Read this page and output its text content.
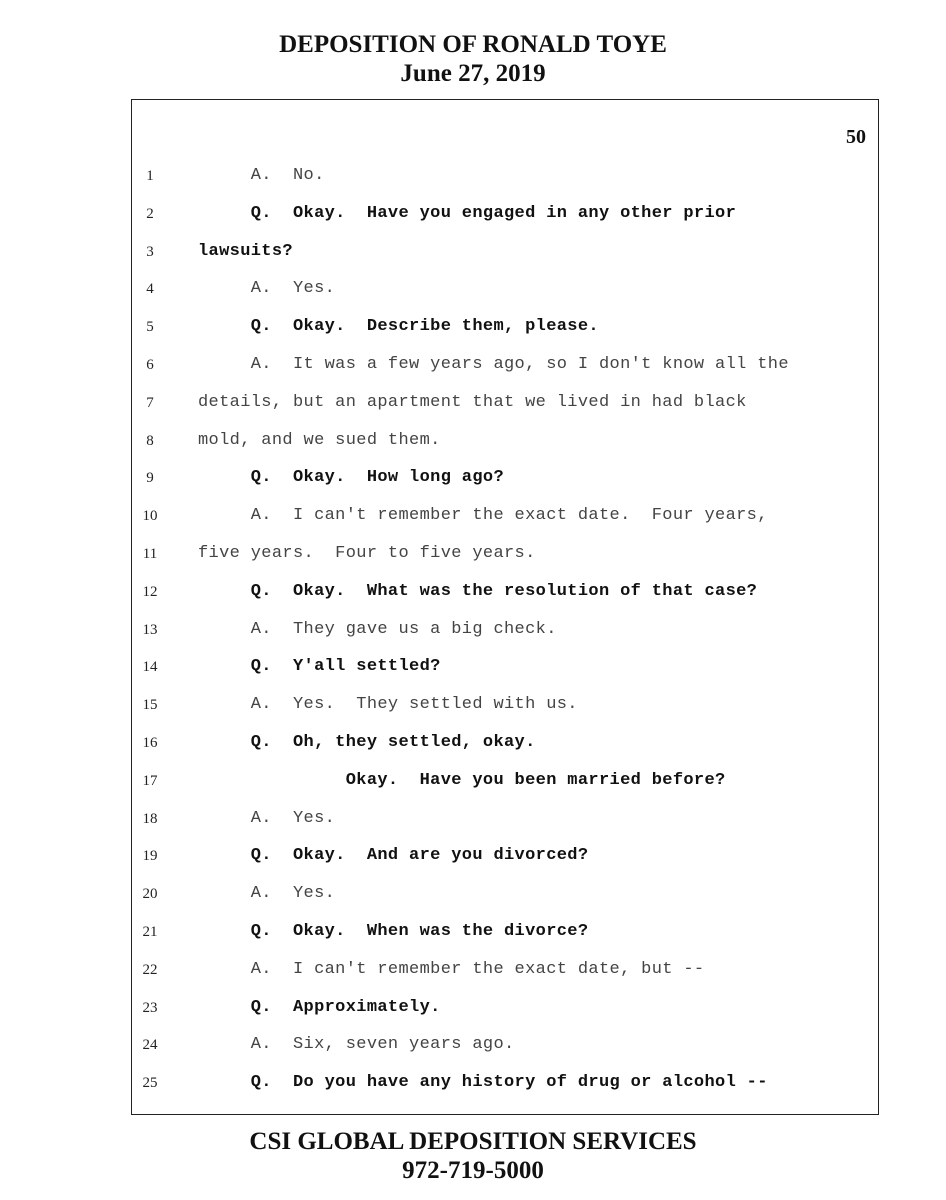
DEPOSITION OF RONALD TOYE
June 27, 2019
50
1	A.  No.
2	Q.  Okay.  Have you engaged in any other prior
3	lawsuits?
4	A.  Yes.
5	Q.  Okay.  Describe them, please.
6	A.  It was a few years ago, so I don't know all the
7	details, but an apartment that we lived in had black
8	mold, and we sued them.
9	Q.  Okay.  How long ago?
10	A.  I can't remember the exact date.  Four years,
11	five years.  Four to five years.
12	Q.  Okay.  What was the resolution of that case?
13	A.  They gave us a big check.
14	Q.  Y'all settled?
15	A.  Yes.  They settled with us.
16	Q.  Oh, they settled, okay.
17	Okay.  Have you been married before?
18	A.  Yes.
19	Q.  Okay.  And are you divorced?
20	A.  Yes.
21	Q.  Okay.  When was the divorce?
22	A.  I can't remember the exact date, but --
23	Q.  Approximately.
24	A.  Six, seven years ago.
25	Q.  Do you have any history of drug or alcohol --
CSI GLOBAL DEPOSITION SERVICES
972-719-5000
